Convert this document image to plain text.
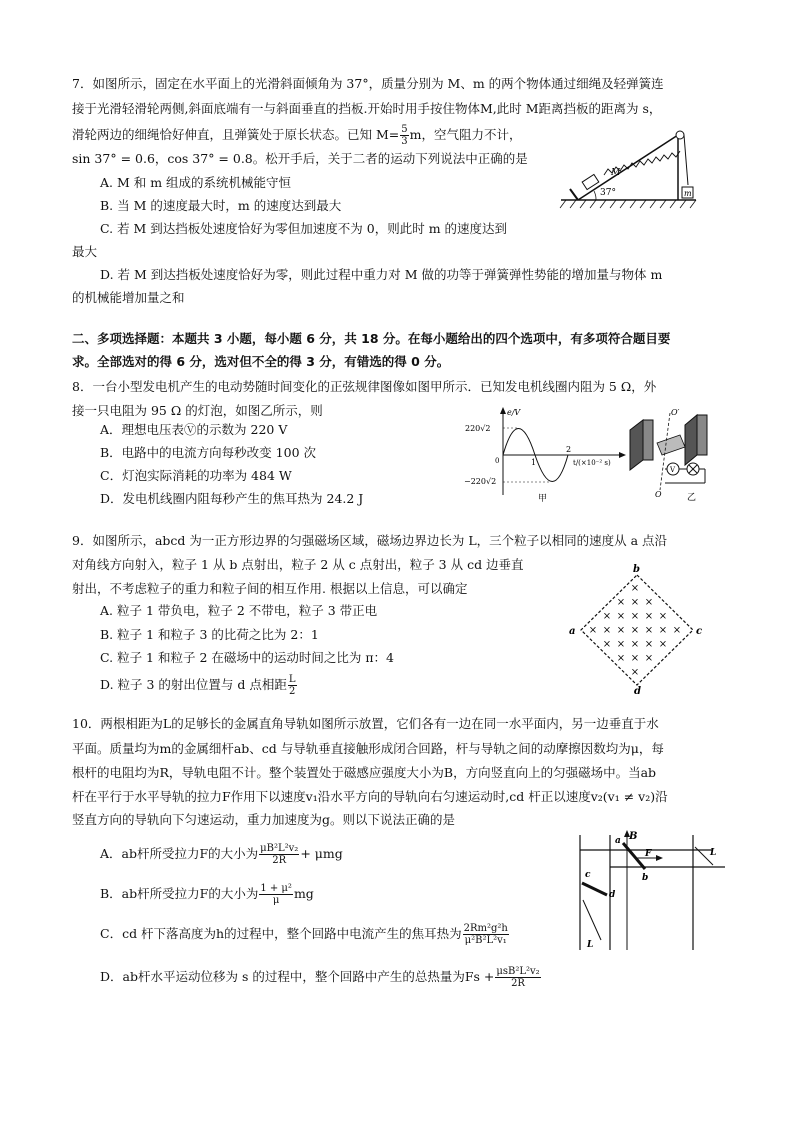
7．如图所示，固定在水平面上的光滑斜面倾角为 37°，质量分别为 M、m 的两个物体通过细绳及轻弹簧连
接于光滑轻滑轮两侧,斜面底端有一与斜面垂直的挡板.开始时用手按住物体M,此时 M距离挡板的距离为 s，
滑轮两边的细绳恰好伸直，且弹簧处于原长状态。已知 $M= \frac{5}{3}$ m，空气阻力不计，
sin 37° = 0.6，cos 37° = 0.8。松开手后，关于二者的运动下列说法中正确的是
A. M 和 m 组成的系统机械能守恒
B. 当 M 的速度最大时，m 的速度达到最大
C. 若 M 到达挡板处速度恰好为零但加速度不为 0，则此时 m 的速度达到
最大
D. 若 M 到达挡板处速度恰好为零，则此过程中重力对 M 做的功等于弹簧弹性势能的增加量与物体 m
的机械能增加量之和
M
m
37°
二、多项选择题：本题共 3 小题，每小题 6 分，共 18 分。在每小题给出的四个选项中，有多项符合题目要
求。全部选对的得 6 分，选对但不全的得 3 分，有错选的得 0 分。
8．一台小型发电机产生的电动势随时间变化的正弦规律图像如图甲所示．已知发电机线圈内阻为 5 Ω，外
接一只电阻为 95 Ω 的灯泡，如图乙所示，则
A．理想电压表Ⓥ的示数为 220 V
B．电路中的电流方向每秒改变 100 次
C．灯泡实际消耗的功率为 484 W
D．发电机线圈内阻每秒产生的焦耳热为 24.2 J
e/V
220√2
−220√2
1
2
t/(×10⁻² s)
0
甲
O′
O
V
乙
9．如图所示，abcd 为一正方形边界的匀强磁场区域，磁场边界边长为 L，三个粒子以相同的速度从 a 点沿
对角线方向射入，粒子 1 从 b 点射出，粒子 2 从 c 点射出，粒子 3 从 cd 边垂直
射出，不考虑粒子的重力和粒子间的相互作用. 根据以上信息，可以确定
A. 粒子 1 带负电，粒子 2 不带电，粒子 3 带正电
B. 粒子 1 和粒子 3 的比荷之比为 2：1
C. 粒子 1 和粒子 2 在磁场中的运动时间之比为 π：4
D. 粒子 3 的射出位置与 d 点相距 $\frac{L}{2}$
b
a	c
d
×
× × ×
× × × × ×
× × × × × × ×
× × × × ×
× × ×
×
10．两根相距为L的足够长的金属直角导轨如图所示放置，它们各有一边在同一水平面内，另一边垂直于水
平面。质量均为m的金属细杆ab、cd 与导轨垂直接触形成闭合回路，杆与导轨之间的动摩擦因数均为μ，每
根杆的电阻均为R，导轨电阻不计。整个装置处于磁感应强度大小为B，方向竖直向上的匀强磁场中。当ab
杆在平行于水平导轨的拉力F作用下以速度v₁沿水平方向的导轨向右匀速运动时,cd 杆正以速度v₂(v₁ ≠ v₂)沿
竖直方向的导轨向下匀速运动，重力加速度为g。则以下说法正确的是
A．ab杆所受拉力F的大小为 $\frac{\text{μB²L²v₂}}{2R} + \mu mg$
B．ab杆所受拉力F的大小为 $\frac{\text{1 + μ²}}{\mu}$ mg
C．cd 杆下落高度为h的过程中，整个回路中电流产生的焦耳热为 $\frac{\text{2Rm²g²h}}{\text{μ²B²L²v₁}}$
D．ab杆水平运动位移为 s 的过程中，整个回路中产生的总热量为$Fs + \frac{\text{μsB²L²v₂}}{2R}$
B
a
b
F
c
d
L
L
